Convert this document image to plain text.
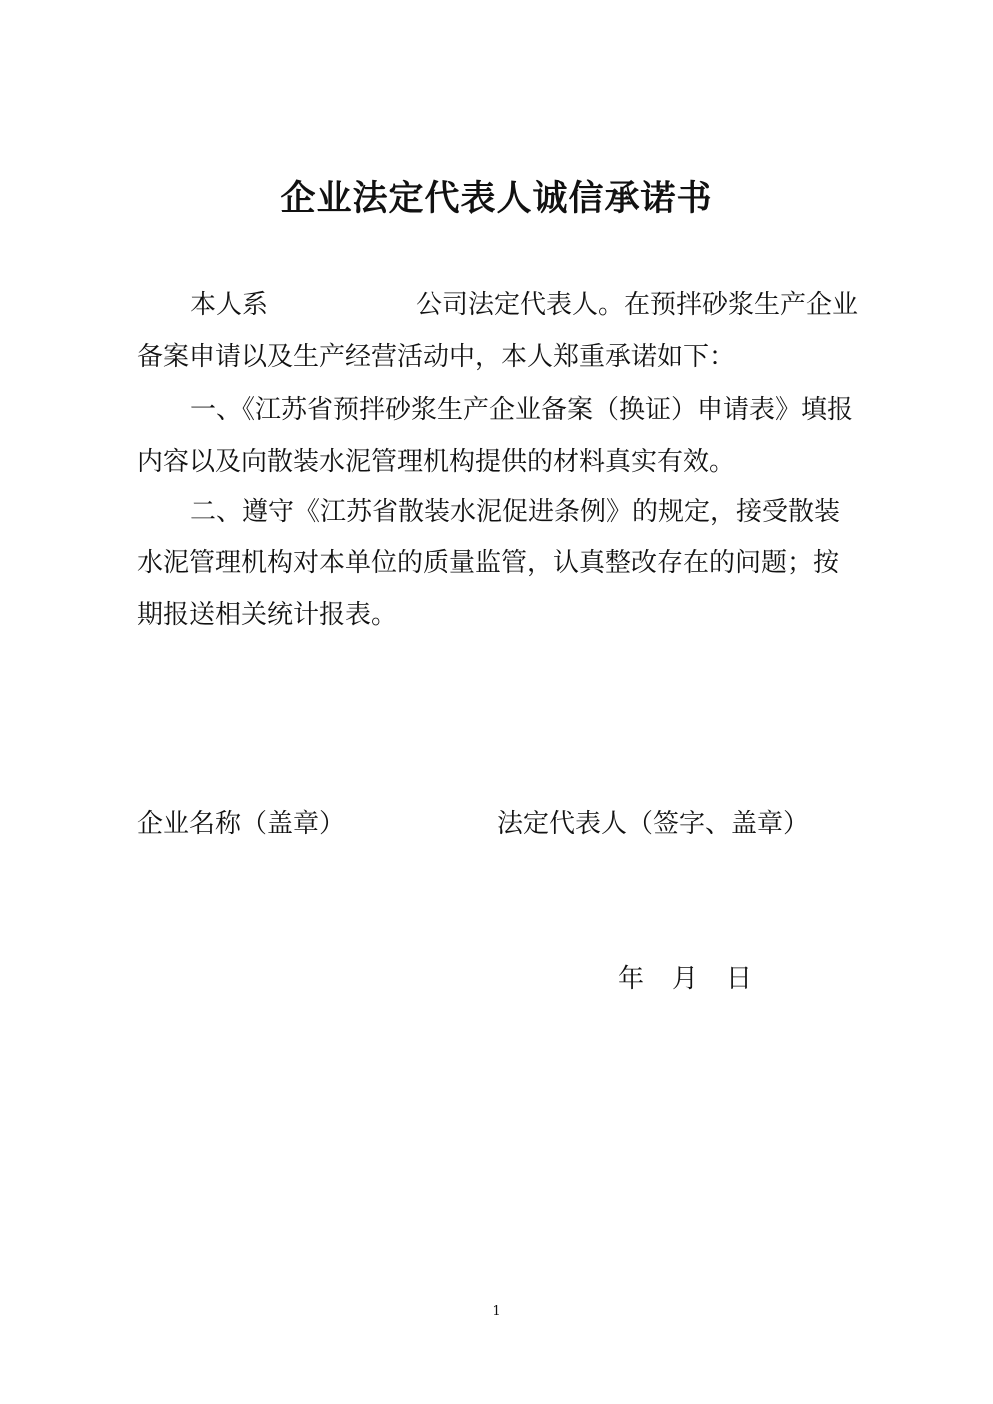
企业法定代表人诚信承诺书
本人系	公司法定代表人。在预拌砂浆生产企业
备案申请以及生产经营活动中，本人郑重承诺如下：
一、《江苏省预拌砂浆生产企业备案（换证）申请表》填报
内容以及向散装水泥管理机构提供的材料真实有效。
二、遵守《江苏省散装水泥促进条例》的规定，接受散装
水泥管理机构对本单位的质量监管，认真整改存在的问题；按
期报送相关统计报表。
企业名称（盖章）	法定代表人（签字、盖章）
年 月 日
1
